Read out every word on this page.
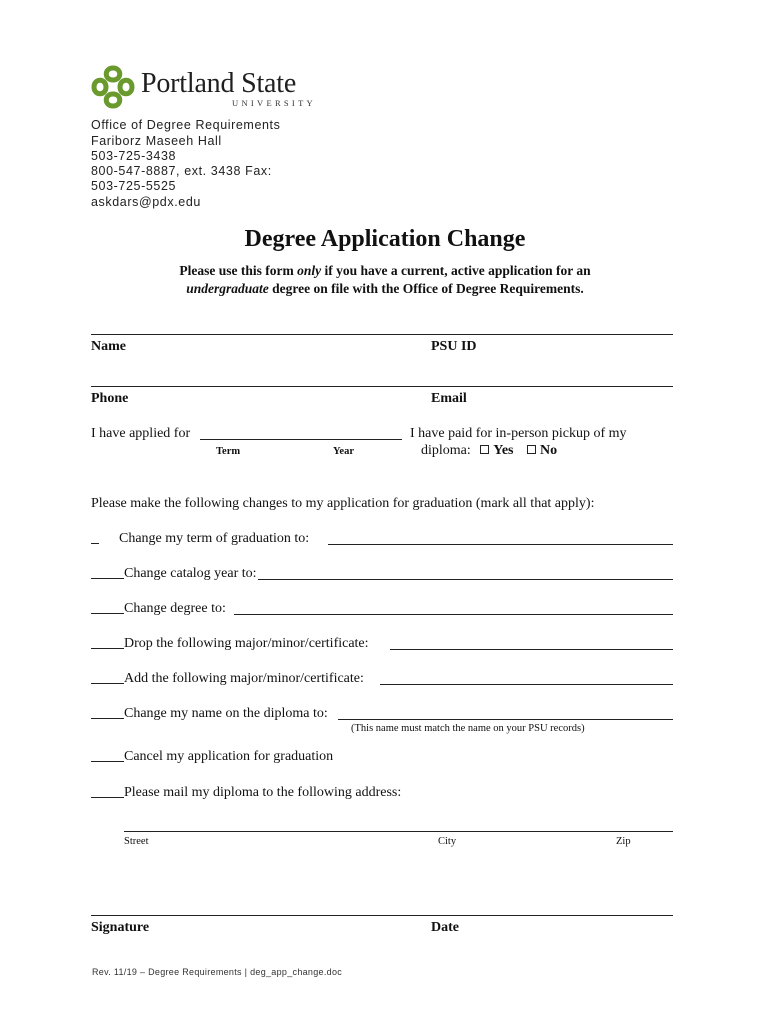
Portland State
UNIVERSITY
Office of Degree Requirements
Fariborz Maseeh Hall
503-725-3438
800-547-8887, ext. 3438 Fax:
503-725-5525
askdars@pdx.edu
Degree Application Change
Please use this form only if you have a current, active application for an
undergraduate degree on file with the Office of Degree Requirements.
Name	PSU ID
Phone	Email
I have applied for
Term	Year
I have paid for in-person pickup of my
diploma: Yes No
Please make the following changes to my application for graduation (mark all that apply):
Change my term of graduation to:
Change catalog year to:
Change degree to:
Drop the following major/minor/certificate:
Add the following major/minor/certificate:
Change my name on the diploma to:
(This name must match the name on your PSU records)
Cancel my application for graduation
Please mail my diploma to the following address:
Street	City	Zip
Signature	Date
Rev. 11/19 – Degree Requirements | deg_app_change.doc
